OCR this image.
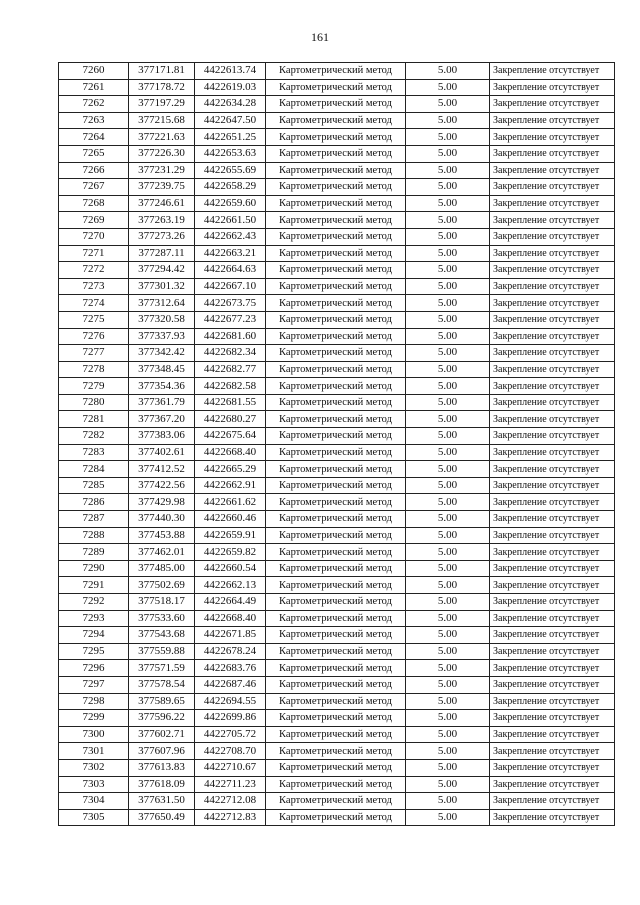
161
7260	377171.81	4422613.74	Картометрический метод	5.00	Закрепление отсутствует
7261	377178.72	4422619.03	Картометрический метод	5.00	Закрепление отсутствует
7262	377197.29	4422634.28	Картометрический метод	5.00	Закрепление отсутствует
7263	377215.68	4422647.50	Картометрический метод	5.00	Закрепление отсутствует
7264	377221.63	4422651.25	Картометрический метод	5.00	Закрепление отсутствует
7265	377226.30	4422653.63	Картометрический метод	5.00	Закрепление отсутствует
7266	377231.29	4422655.69	Картометрический метод	5.00	Закрепление отсутствует
7267	377239.75	4422658.29	Картометрический метод	5.00	Закрепление отсутствует
7268	377246.61	4422659.60	Картометрический метод	5.00	Закрепление отсутствует
7269	377263.19	4422661.50	Картометрический метод	5.00	Закрепление отсутствует
7270	377273.26	4422662.43	Картометрический метод	5.00	Закрепление отсутствует
7271	377287.11	4422663.21	Картометрический метод	5.00	Закрепление отсутствует
7272	377294.42	4422664.63	Картометрический метод	5.00	Закрепление отсутствует
7273	377301.32	4422667.10	Картометрический метод	5.00	Закрепление отсутствует
7274	377312.64	4422673.75	Картометрический метод	5.00	Закрепление отсутствует
7275	377320.58	4422677.23	Картометрический метод	5.00	Закрепление отсутствует
7276	377337.93	4422681.60	Картометрический метод	5.00	Закрепление отсутствует
7277	377342.42	4422682.34	Картометрический метод	5.00	Закрепление отсутствует
7278	377348.45	4422682.77	Картометрический метод	5.00	Закрепление отсутствует
7279	377354.36	4422682.58	Картометрический метод	5.00	Закрепление отсутствует
7280	377361.79	4422681.55	Картометрический метод	5.00	Закрепление отсутствует
7281	377367.20	4422680.27	Картометрический метод	5.00	Закрепление отсутствует
7282	377383.06	4422675.64	Картометрический метод	5.00	Закрепление отсутствует
7283	377402.61	4422668.40	Картометрический метод	5.00	Закрепление отсутствует
7284	377412.52	4422665.29	Картометрический метод	5.00	Закрепление отсутствует
7285	377422.56	4422662.91	Картометрический метод	5.00	Закрепление отсутствует
7286	377429.98	4422661.62	Картометрический метод	5.00	Закрепление отсутствует
7287	377440.30	4422660.46	Картометрический метод	5.00	Закрепление отсутствует
7288	377453.88	4422659.91	Картометрический метод	5.00	Закрепление отсутствует
7289	377462.01	4422659.82	Картометрический метод	5.00	Закрепление отсутствует
7290	377485.00	4422660.54	Картометрический метод	5.00	Закрепление отсутствует
7291	377502.69	4422662.13	Картометрический метод	5.00	Закрепление отсутствует
7292	377518.17	4422664.49	Картометрический метод	5.00	Закрепление отсутствует
7293	377533.60	4422668.40	Картометрический метод	5.00	Закрепление отсутствует
7294	377543.68	4422671.85	Картометрический метод	5.00	Закрепление отсутствует
7295	377559.88	4422678.24	Картометрический метод	5.00	Закрепление отсутствует
7296	377571.59	4422683.76	Картометрический метод	5.00	Закрепление отсутствует
7297	377578.54	4422687.46	Картометрический метод	5.00	Закрепление отсутствует
7298	377589.65	4422694.55	Картометрический метод	5.00	Закрепление отсутствует
7299	377596.22	4422699.86	Картометрический метод	5.00	Закрепление отсутствует
7300	377602.71	4422705.72	Картометрический метод	5.00	Закрепление отсутствует
7301	377607.96	4422708.70	Картометрический метод	5.00	Закрепление отсутствует
7302	377613.83	4422710.67	Картометрический метод	5.00	Закрепление отсутствует
7303	377618.09	4422711.23	Картометрический метод	5.00	Закрепление отсутствует
7304	377631.50	4422712.08	Картометрический метод	5.00	Закрепление отсутствует
7305	377650.49	4422712.83	Картометрический метод	5.00	Закрепление отсутствует
